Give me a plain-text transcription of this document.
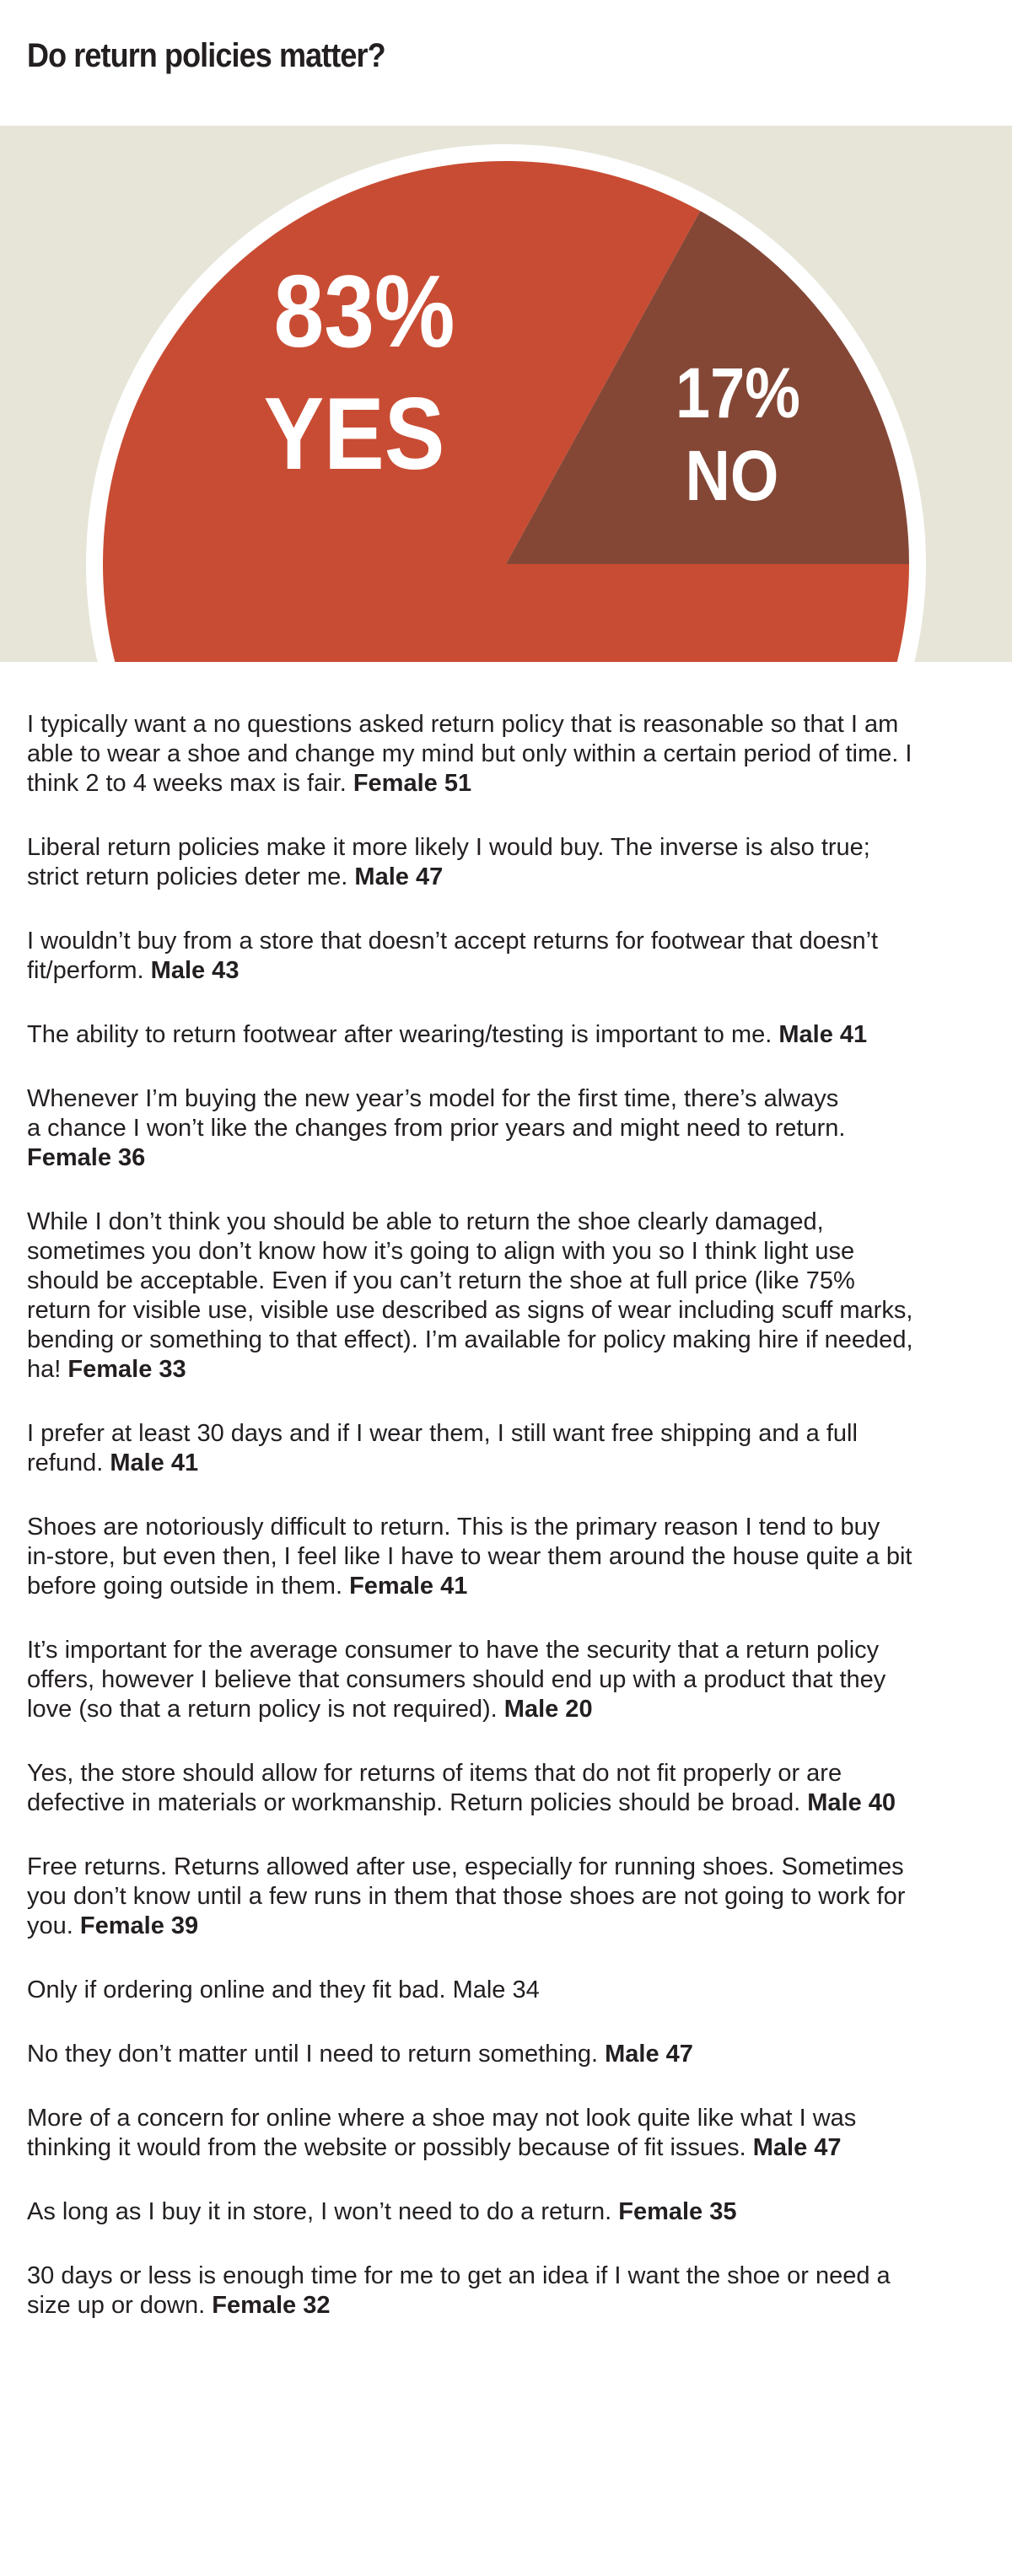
Do return policies matter?
83%
YES	17%
NO

I typically want a no questions asked return policy that is reasonable so that I am
able to wear a shoe and change my mind but only within a certain period of time. I
think 2 to 4 weeks max is fair. Female 51

Liberal return policies make it more likely I would buy. The inverse is also true;
strict return policies deter me. Male 47

I wouldn’t buy from a store that doesn’t accept returns for footwear that doesn’t
fit/perform. Male 43

The ability to return footwear after wearing/testing is important to me. Male 41

Whenever I’m buying the new year’s model for the first time, there’s always
a chance I won’t like the changes from prior years and might need to return.
Female 36

While I don’t think you should be able to return the shoe clearly damaged,
sometimes you don’t know how it’s going to align with you so I think light use
should be acceptable. Even if you can’t return the shoe at full price (like 75%
return for visible use, visible use described as signs of wear including scuff marks,
bending or something to that effect). I’m available for policy making hire if needed,
ha! Female 33

I prefer at least 30 days and if I wear them, I still want free shipping and a full
refund. Male 41

Shoes are notoriously difficult to return. This is the primary reason I tend to buy
in-store, but even then, I feel like I have to wear them around the house quite a bit
before going outside in them. Female 41

It’s important for the average consumer to have the security that a return policy
offers, however I believe that consumers should end up with a product that they
love (so that a return policy is not required). Male 20

Yes, the store should allow for returns of items that do not fit properly or are
defective in materials or workmanship. Return policies should be broad. Male 40

Free returns. Returns allowed after use, especially for running shoes. Sometimes
you don’t know until a few runs in them that those shoes are not going to work for
you. Female 39

Only if ordering online and they fit bad. Male 34

No they don’t matter until I need to return something. Male 47

More of a concern for online where a shoe may not look quite like what I was
thinking it would from the website or possibly because of fit issues. Male 47

As long as I buy it in store, I won’t need to do a return. Female 35

30 days or less is enough time for me to get an idea if I want the shoe or need a
size up or down. Female 32
